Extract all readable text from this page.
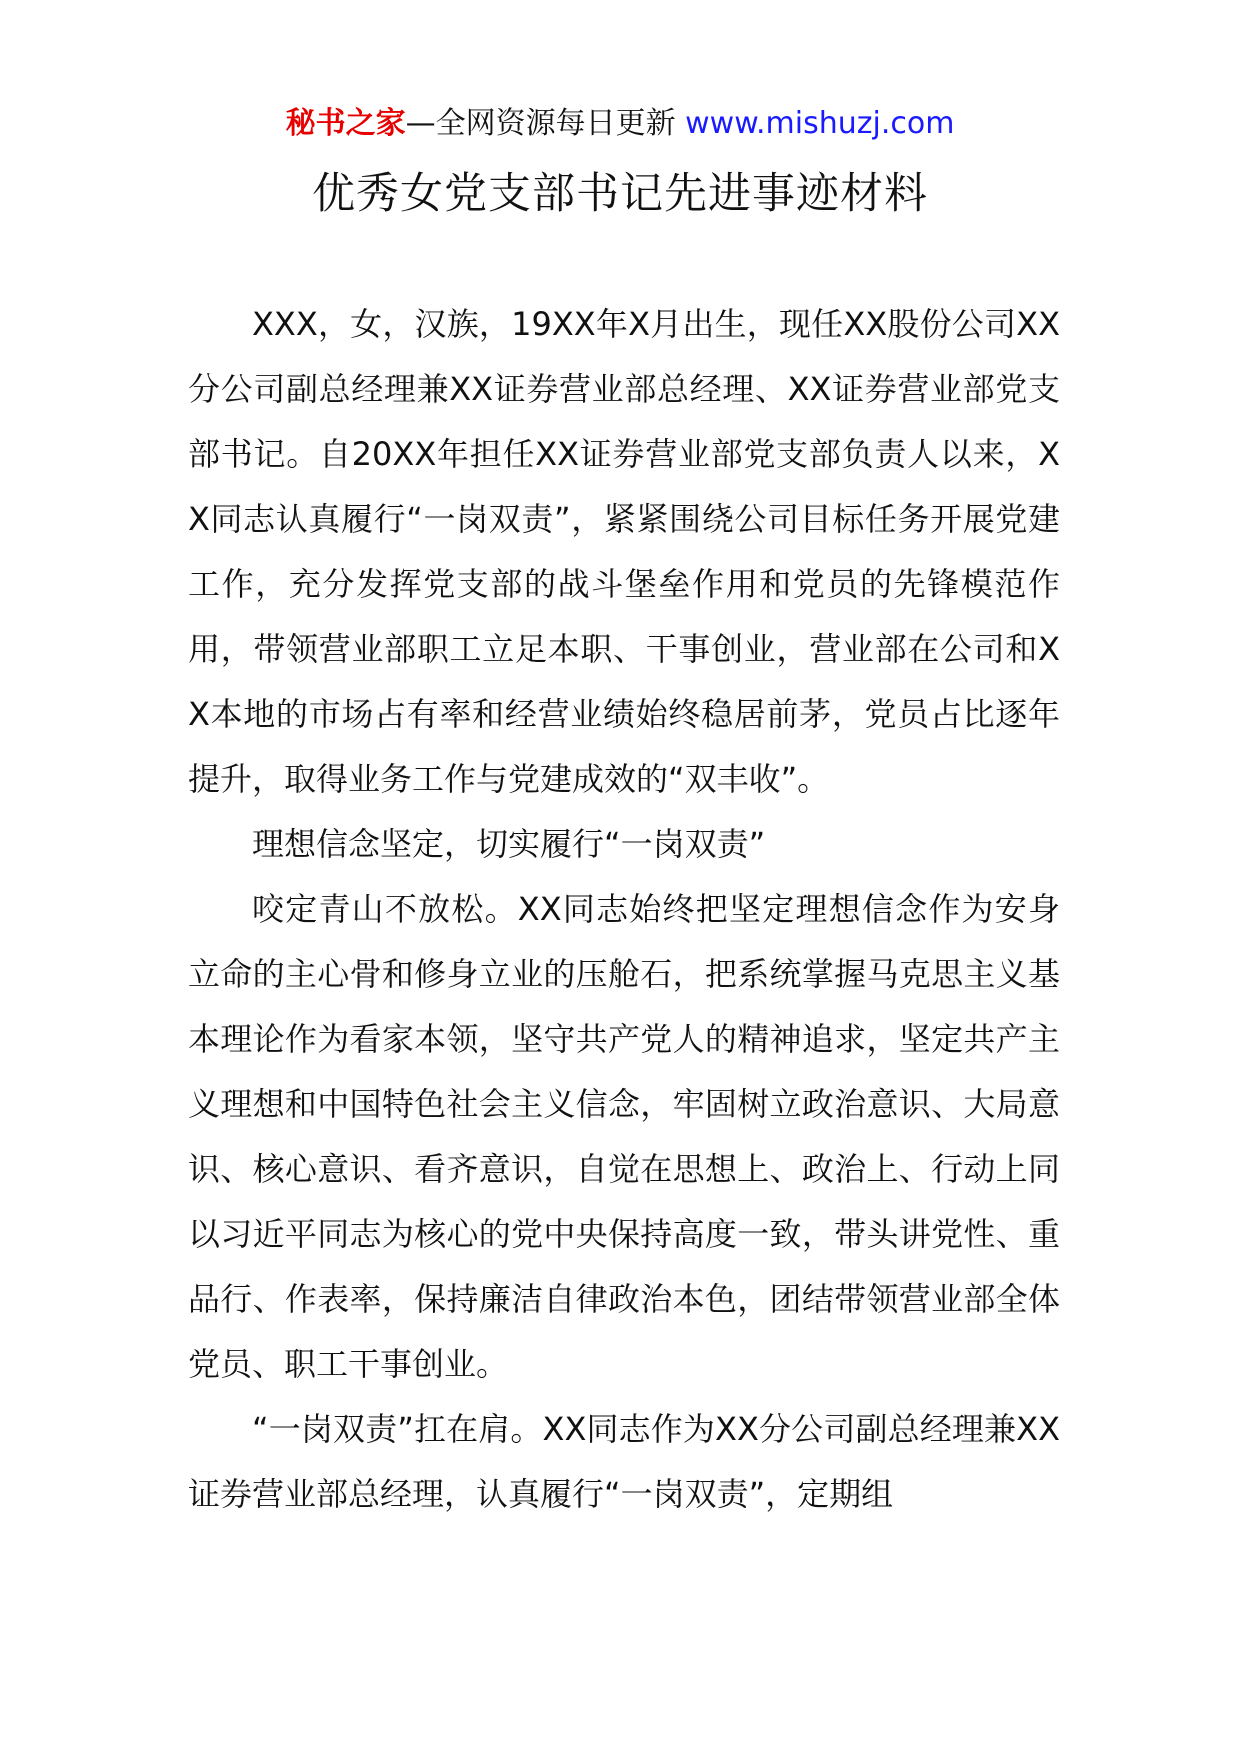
秘书之家—全网资源每日更新 www.mishuzj.com
优秀女党支部书记先进事迹材料

XXX，女，汉族，19XX年X月出生，现任XX股份公司XX分公司副总经理兼XX证券营业部总经理、XX证券营业部党支部书记。自20XX年担任XX证券营业部党支部负责人以来，XX同志认真履行“一岗双责”，紧紧围绕公司目标任务开展党建工作，充分发挥党支部的战斗堡垒作用和党员的先锋模范作用，带领营业部职工立足本职、干事创业，营业部在公司和XX本地的市场占有率和经营业绩始终稳居前茅，党员占比逐年提升，取得业务工作与党建成效的“双丰收”。

理想信念坚定，切实履行“一岗双责”

咬定青山不放松。XX同志始终把坚定理想信念作为安身立命的主心骨和修身立业的压舱石，把系统掌握马克思主义基本理论作为看家本领，坚守共产党人的精神追求，坚定共产主义理想和中国特色社会主义信念，牢固树立政治意识、大局意识、核心意识、看齐意识，自觉在思想上、政治上、行动上同以习近平同志为核心的党中央保持高度一致，带头讲党性、重品行、作表率，保持廉洁自律政治本色，团结带领营业部全体党员、职工干事创业。

“一岗双责”扛在肩。XX同志作为XX分公司副总经理兼XX证券营业部总经理，认真履行“一岗双责”，定期组
